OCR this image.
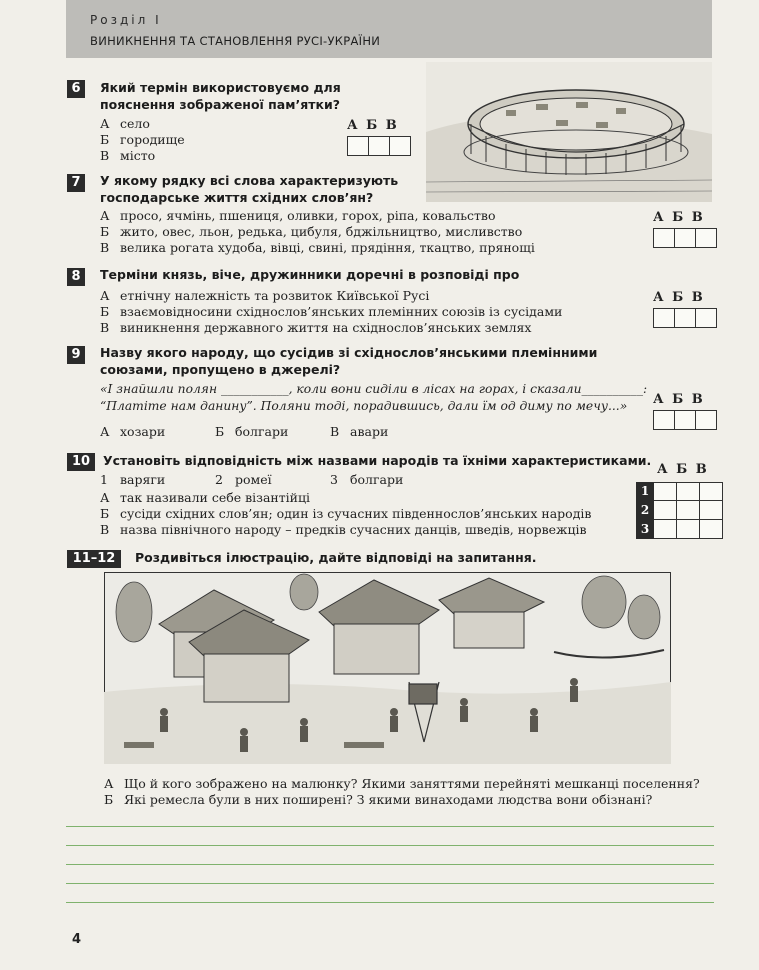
Розділ І
ВИНИКНЕННЯ ТА СТАНОВЛЕННЯ РУСІ-УКРАЇНИ
6	Який термін використовуємо для пояснення зображеної пам’ятки?
А село
Б городище
В місто
А Б В
7	У якому рядку всі слова характеризують господарське життя східних слов’ян?
А просо, ячмінь, пшениця, оливки, горох, ріпа, ковальство
Б жито, овес, льон, редька, цибуля, бджільництво, мисливство
В велика рогата худоба, вівці, свині, прядіння, ткацтво, прянощі
А Б В
8	Терміни князь, віче, дружинники доречні в розповіді про
А етнічну належність та розвиток Київської Русі
Б взаємовідносини східнослов’янських племінних союзів із сусідами
В виникнення державного життя на східнослов’янських землях
А Б В
9	Назву якого народу, що сусідив зі східнослов’янськими племінними союзами, пропущено в джерелі?
«І знайшли полян ___________, коли вони сиділи в лісах на горах, і сказали__________:
“Платіте нам данину”. Поляни тоді, порадившись, дали їм од диму по мечу...»
А хозари	Б болгари	В авари
А Б В
10	Установіть відповідність між назвами народів та їхніми характеристиками.
1 варяги	2 ромеї	3 болгари
А так називали себе візантійці
Б сусіди східних слов’ян; один із сучасних південнослов’янських народів
В назва північного народу – предків сучасних данців, шведів, норвежців
А Б В
1
2
3
11–12	Роздивіться ілюстрацію, дайте відповіді на запитання.
А Що й кого зображено на малюнку? Якими заняттями перейняті мешканці поселення?
Б Які ремесла були в них поширені? З якими винаходами людства вони обізнані?
4
